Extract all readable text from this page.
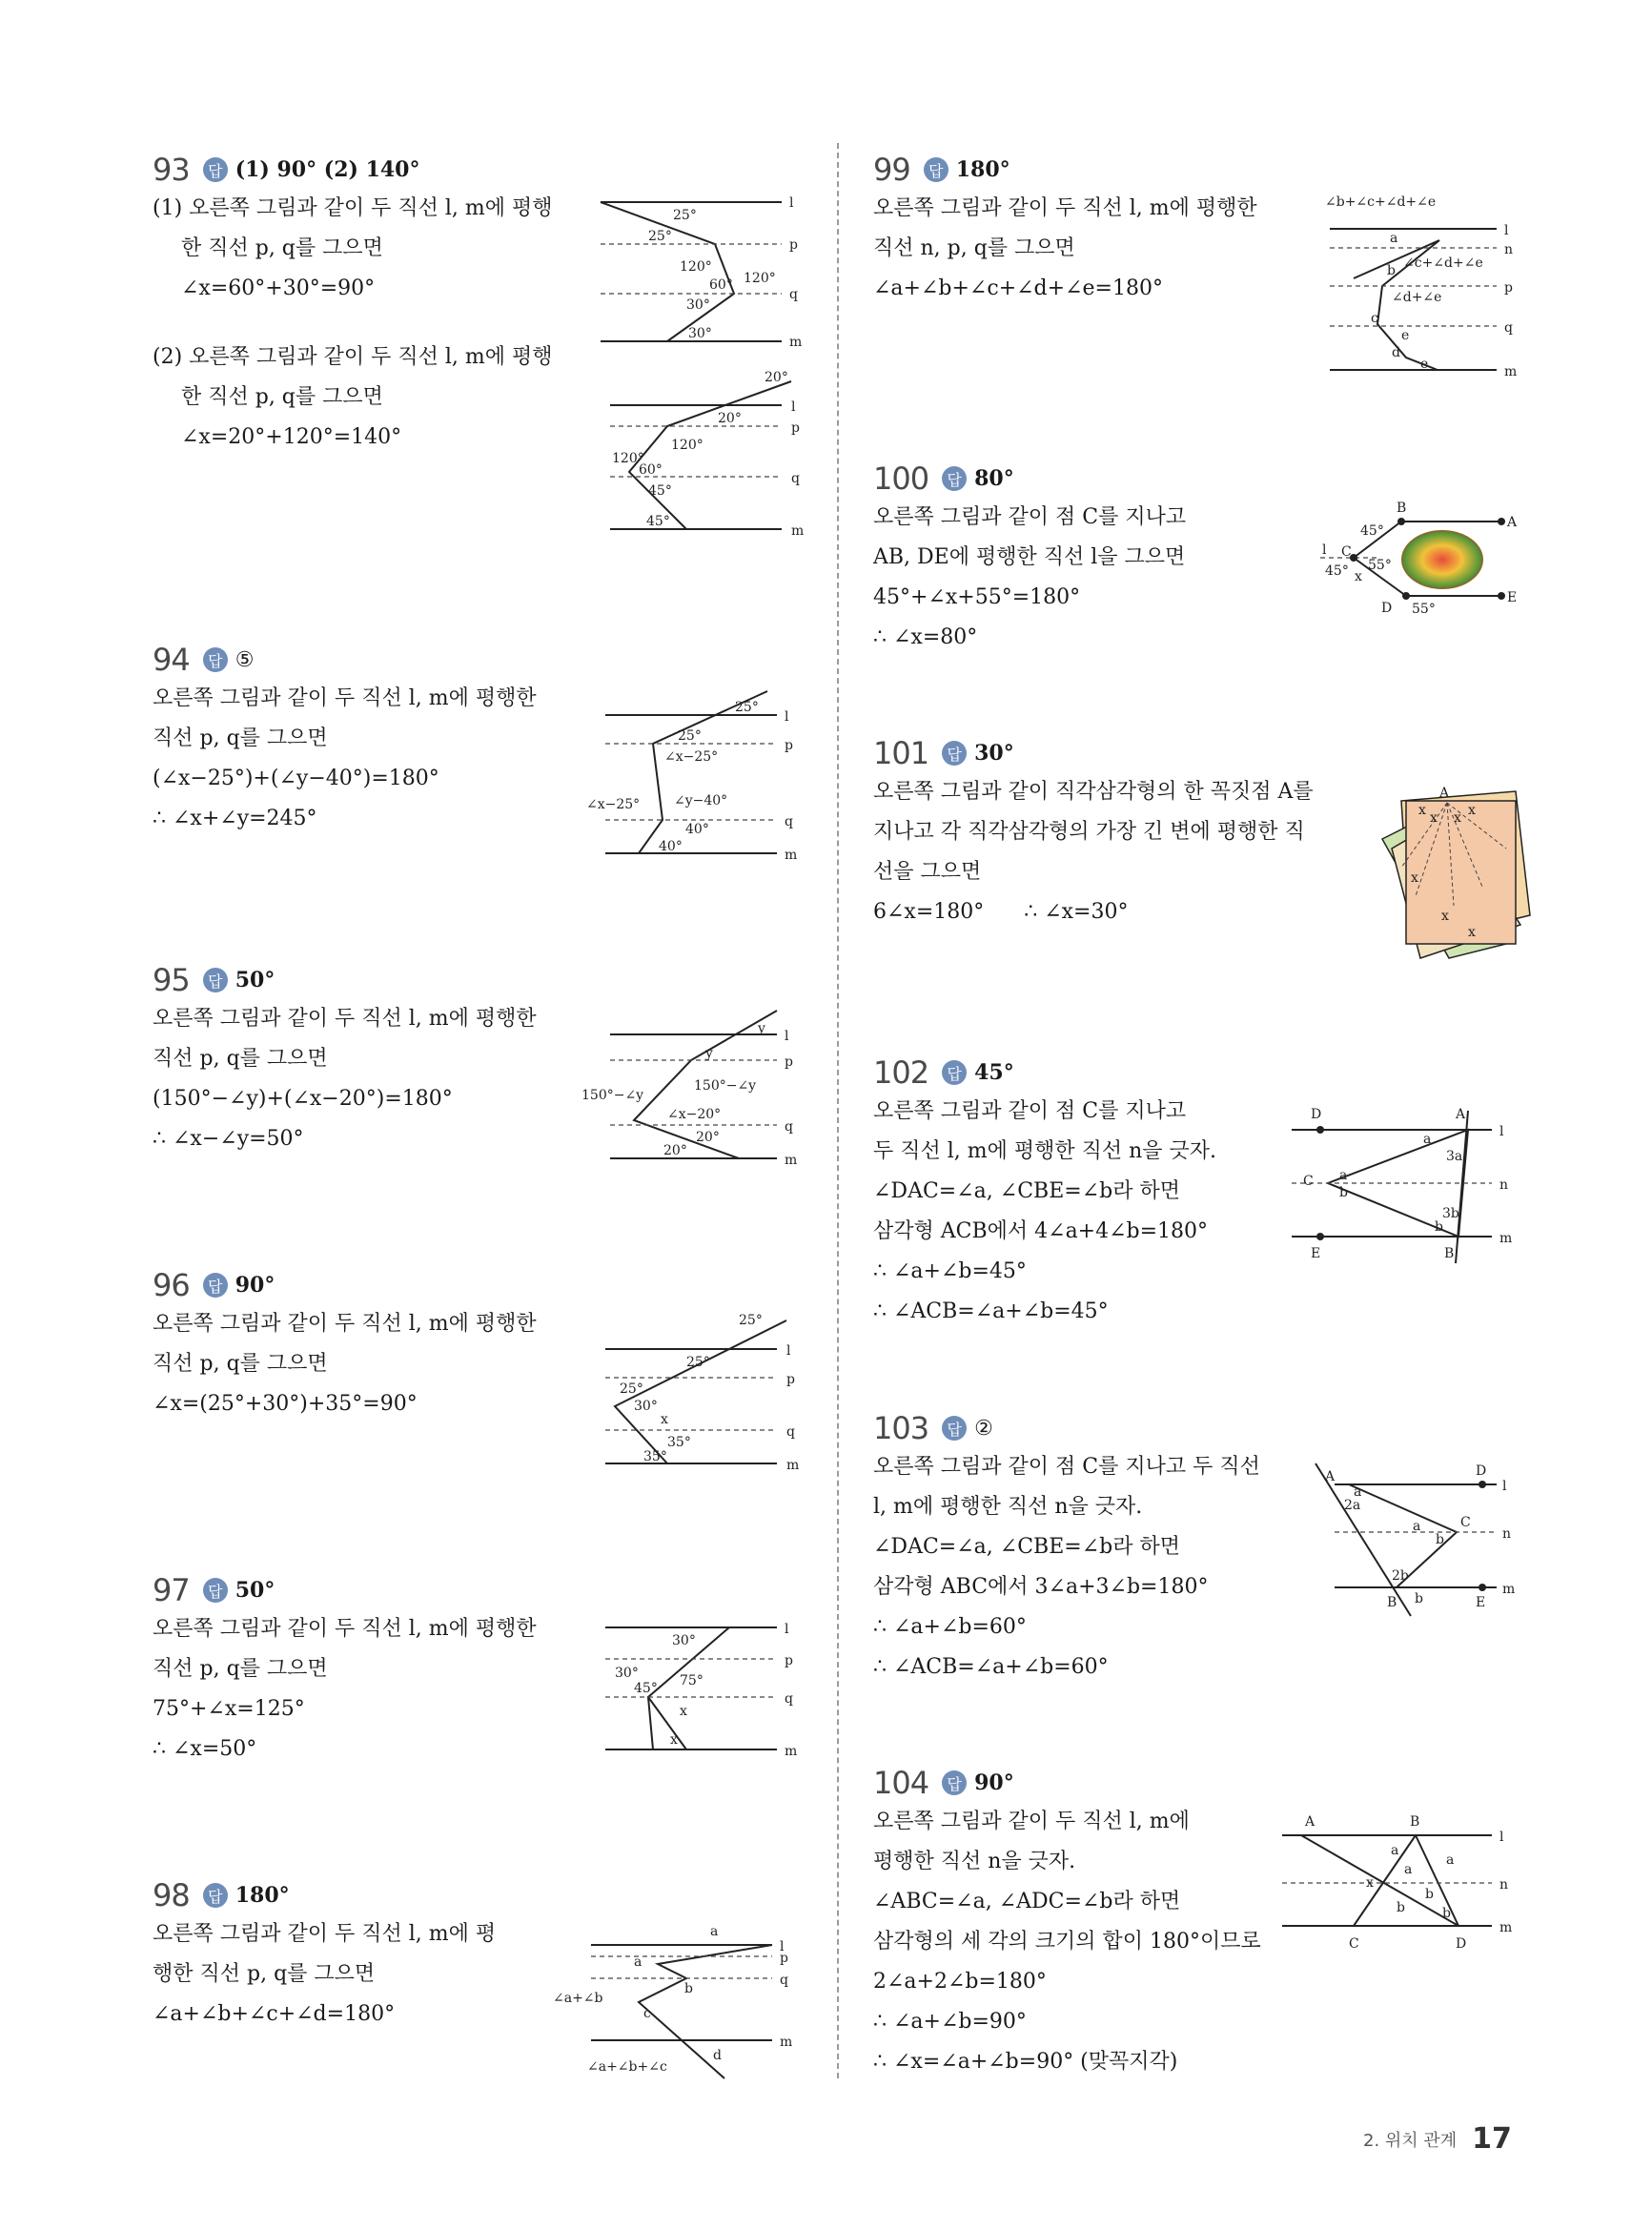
93	답 (1) 90° (2) 140°
(1) 오른쪽 그림과 같이 두 직선 l, m에 평행
한 직선 p, q를 그으면
∠x=60°+30°=90°
(2) 오른쪽 그림과 같이 두 직선 l, m에 평행
한 직선 p, q를 그으면
∠x=20°+120°=140°
l
p
q
m
25°
25°
120°
60° 120°
30°
30°
l
p
q
m
20°
20°
120°
120°
60°
45°
45°
94	답 ⑤
오른쪽 그림과 같이 두 직선 l, m에 평행한
직선 p, q를 그으면
(∠x−25°)+(∠y−40°)=180°
∴ ∠x+∠y=245°
l
p
q
m
25°
25°
∠x−25°
∠x−25°	∠y−40°
40°
40°
95	답 50°
오른쪽 그림과 같이 두 직선 l, m에 평행한
직선 p, q를 그으면
(150°−∠y)+(∠x−20°)=180°
∴ ∠x−∠y=50°
l
p
q
m
y
y
150°−∠y
150°−∠y
∠x−20°
20°
20°
96	답 90°
오른쪽 그림과 같이 두 직선 l, m에 평행한
직선 p, q를 그으면
∠x=(25°+30°)+35°=90°
l
p
q
m
25°
25°
25°
30°
x
35°
35°
97	답 50°
오른쪽 그림과 같이 두 직선 l, m에 평행한
직선 p, q를 그으면
75°+∠x=125°
∴ ∠x=50°
l
p
q
m
30°
30°
45° 75°
x
x
98	답 180°
오른쪽 그림과 같이 두 직선 l, m에 평
행한 직선 p, q를 그으면
∠a+∠b+∠c+∠d=180°
l
p
q
m
a
a
b
c
d
∠a+∠b
∠a+∠b+∠c
99	답 180°
오른쪽 그림과 같이 두 직선 l, m에 평행한
직선 n, p, q를 그으면
∠a+∠b+∠c+∠d+∠e=180°
l
n
p
q
m
∠b+∠c+∠d+∠e
a
b ∠c+∠d+∠e
c
∠d+∠e
e
d
e
100	답 80°
오른쪽 그림과 같이 점 C를 지나고
AB, DE에 평행한 직선 l을 그으면
45°+∠x+55°=180°
∴ ∠x=80°
B
A
C
l
D
E
45°
45° 55°
55°
x
101	답 30°
오른쪽 그림과 같이 직각삼각형의 한 꼭짓점 A를
지나고 각 직각삼각형의 가장 긴 변에 평행한 직
선을 그으면
6∠x=180°      ∴ ∠x=30°
A
x x x x
x
x
x
102	답 45°
오른쪽 그림과 같이 점 C를 지나고
두 직선 l, m에 평행한 직선 n을 긋자.
∠DAC=∠a, ∠CBE=∠b라 하면
삼각형 ACB에서 4∠a+4∠b=180°
∴ ∠a+∠b=45°
∴ ∠ACB=∠a+∠b=45°
D	A
C
E	B
l
n
m
a
a
3a
b
b
3b
103	답 ②
오른쪽 그림과 같이 점 C를 지나고 두 직선
l, m에 평행한 직선 n을 긋자.
∠DAC=∠a, ∠CBE=∠b라 하면
삼각형 ABC에서 3∠a+3∠b=180°
∴ ∠a+∠b=60°
∴ ∠ACB=∠a+∠b=60°
A	D
C
B	E
l
n
m
a
2a
a
b
2b
b
104	답 90°
오른쪽 그림과 같이 두 직선 l, m에
평행한 직선 n을 긋자.
∠ABC=∠a, ∠ADC=∠b라 하면
삼각형의 세 각의 크기의 합이 180°이므로
2∠a+2∠b=180°
∴ ∠a+∠b=90°
∴ ∠x=∠a+∠b=90° (맞꼭지각)
A	B
C	D
l
n
m
a
a
a
b
b	b
x
2. 위치 관계 17
